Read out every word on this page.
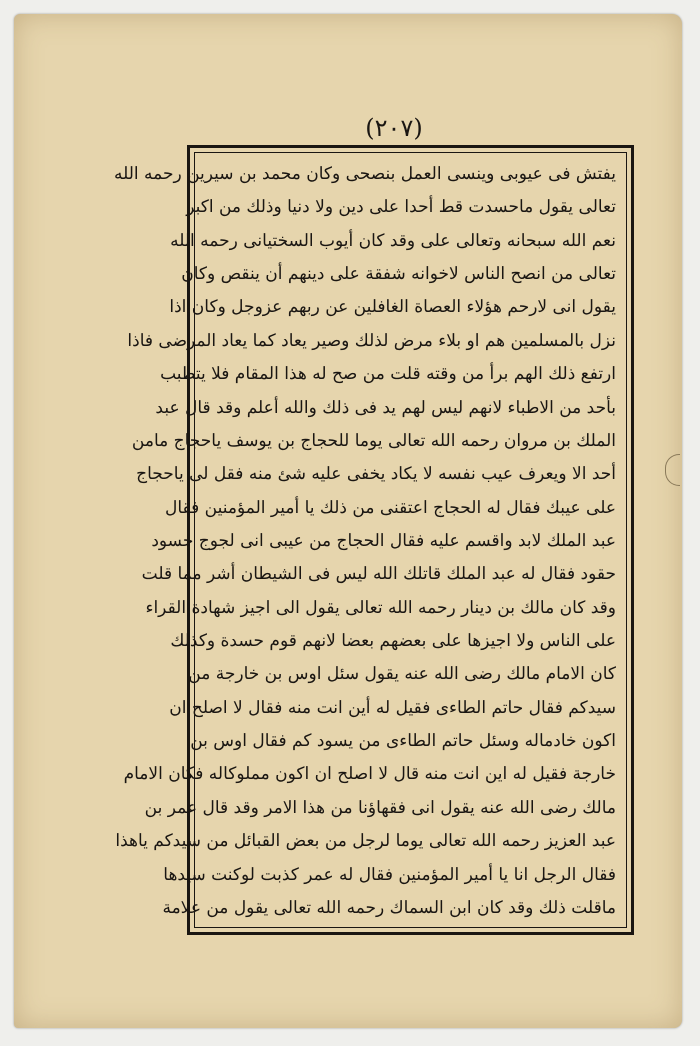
(٢٠٧)
يفتش فى عيوبى وينسى العمل بنصحى وكان محمد بن سيرين رحمه الله
تعالى يقول ماحسدت قط أحدا على دين ولا دنيا وذلك من اكبر
نعم الله سبحانه وتعالى على وقد كان أيوب السختيانى رحمه الله
تعالى من انصح الناس لاخوانه شفقة على دينهم أن ينقص وكان
يقول انى لارحم هؤلاء العصاة الغافلين عن ربهم عزوجل وكان اذا
نزل بالمسلمين هم او بلاء مرض لذلك وصير يعاد كما يعاد المرضى فاذا
ارتفع ذلك الهم برأ من وقته قلت من صح له هذا المقام فلا يتطبب
بأحد من الاطباء لانهم ليس لهم يد فى ذلك والله أعلم وقد قال عبد
الملك بن مروان رحمه الله تعالى يوما للحجاج بن يوسف ياحجاج مامن
أحد الا ويعرف عيب نفسه لا يكاد يخفى عليه شئ منه فقل لى ياحجاج
على عيبك فقال له الحجاج اعتقنى من ذلك يا أمير المؤمنين فقال
عبد الملك لابد واقسم عليه فقال الحجاج من عيبى انى لجوج حسود
حقود فقال له عبد الملك قاتلك الله ليس فى الشيطان أشر مما قلت
وقد كان مالك بن دينار رحمه الله تعالى يقول الى اجيز شهادة القراء
على الناس ولا اجيزها على بعضهم بعضا لانهم قوم حسدة وكذلك
كان الامام مالك رضى الله عنه يقول سئل اوس بن خارجة من
سيدكم فقال حاتم الطاءى فقيل له أين انت منه فقال لا اصلح ان
اكون خادماله وسئل حاتم الطاءى من يسود كم فقال اوس بن
خارجة فقيل له اين انت منه قال لا اصلح ان اكون مملوكاله فكان الامام
مالك رضى الله عنه يقول انى فقهاؤنا من هذا الامر وقد قال عمر بن
عبد العزيز رحمه الله تعالى يوما لرجل من بعض القبائل من سيدكم ياهذا
فقال الرجل انا يا أمير المؤمنين فقال له عمر كذبت لوكنت سيدها
ماقلت ذلك وقد كان ابن السماك رحمه الله تعالى يقول من علامة
